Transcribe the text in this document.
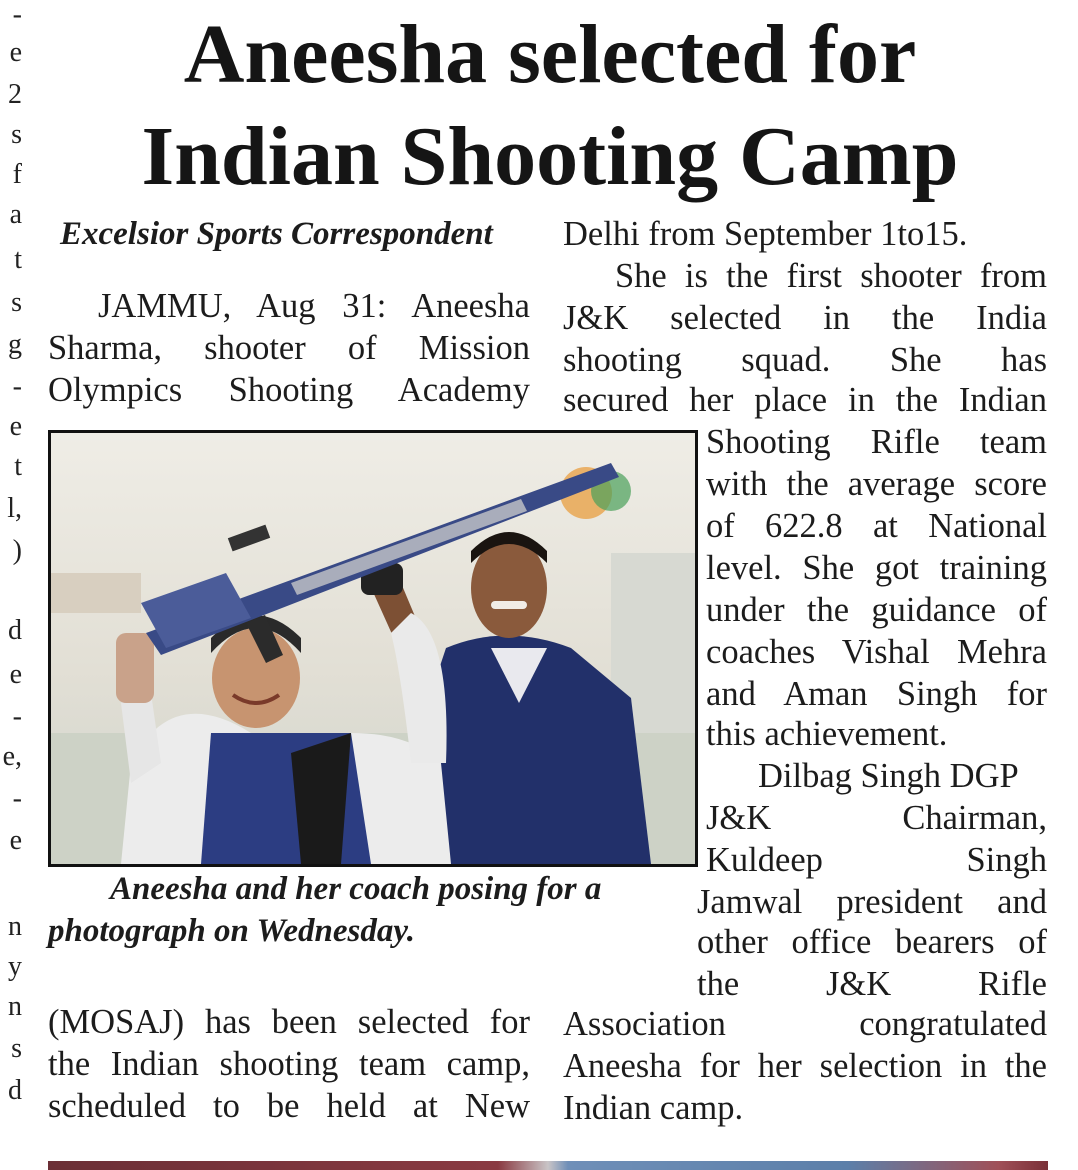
-
e
2
s
f
a
t
s
g
-
e
t
l,
)
d
e
-
e,
-
e
n
y
n
s
d
Aneesha selected for
Indian Shooting Camp
Excelsior Sports Correspondent
JAMMU, Aug 31: Aneesha
Sharma, shooter of Mission
Olympics Shooting Academy
Aneesha and her coach posing for a
photograph on Wednesday.
(MOSAJ) has been selected for
the Indian shooting team camp,
scheduled to be held at New
Delhi from September 1to15.
She is the first shooter from
J&K selected in the India
shooting squad. She has
secured her place in the Indian
Shooting Rifle team
with the average score
of 622.8 at National
level. She got training
under the guidance of
coaches Vishal Mehra
and Aman Singh for
this achievement.
Dilbag Singh DGP
J&K Chairman,
Kuldeep Singh
Jamwal president and
other office bearers of
the J&K Rifle
Association congratulated
Aneesha for her selection in the
Indian camp.
